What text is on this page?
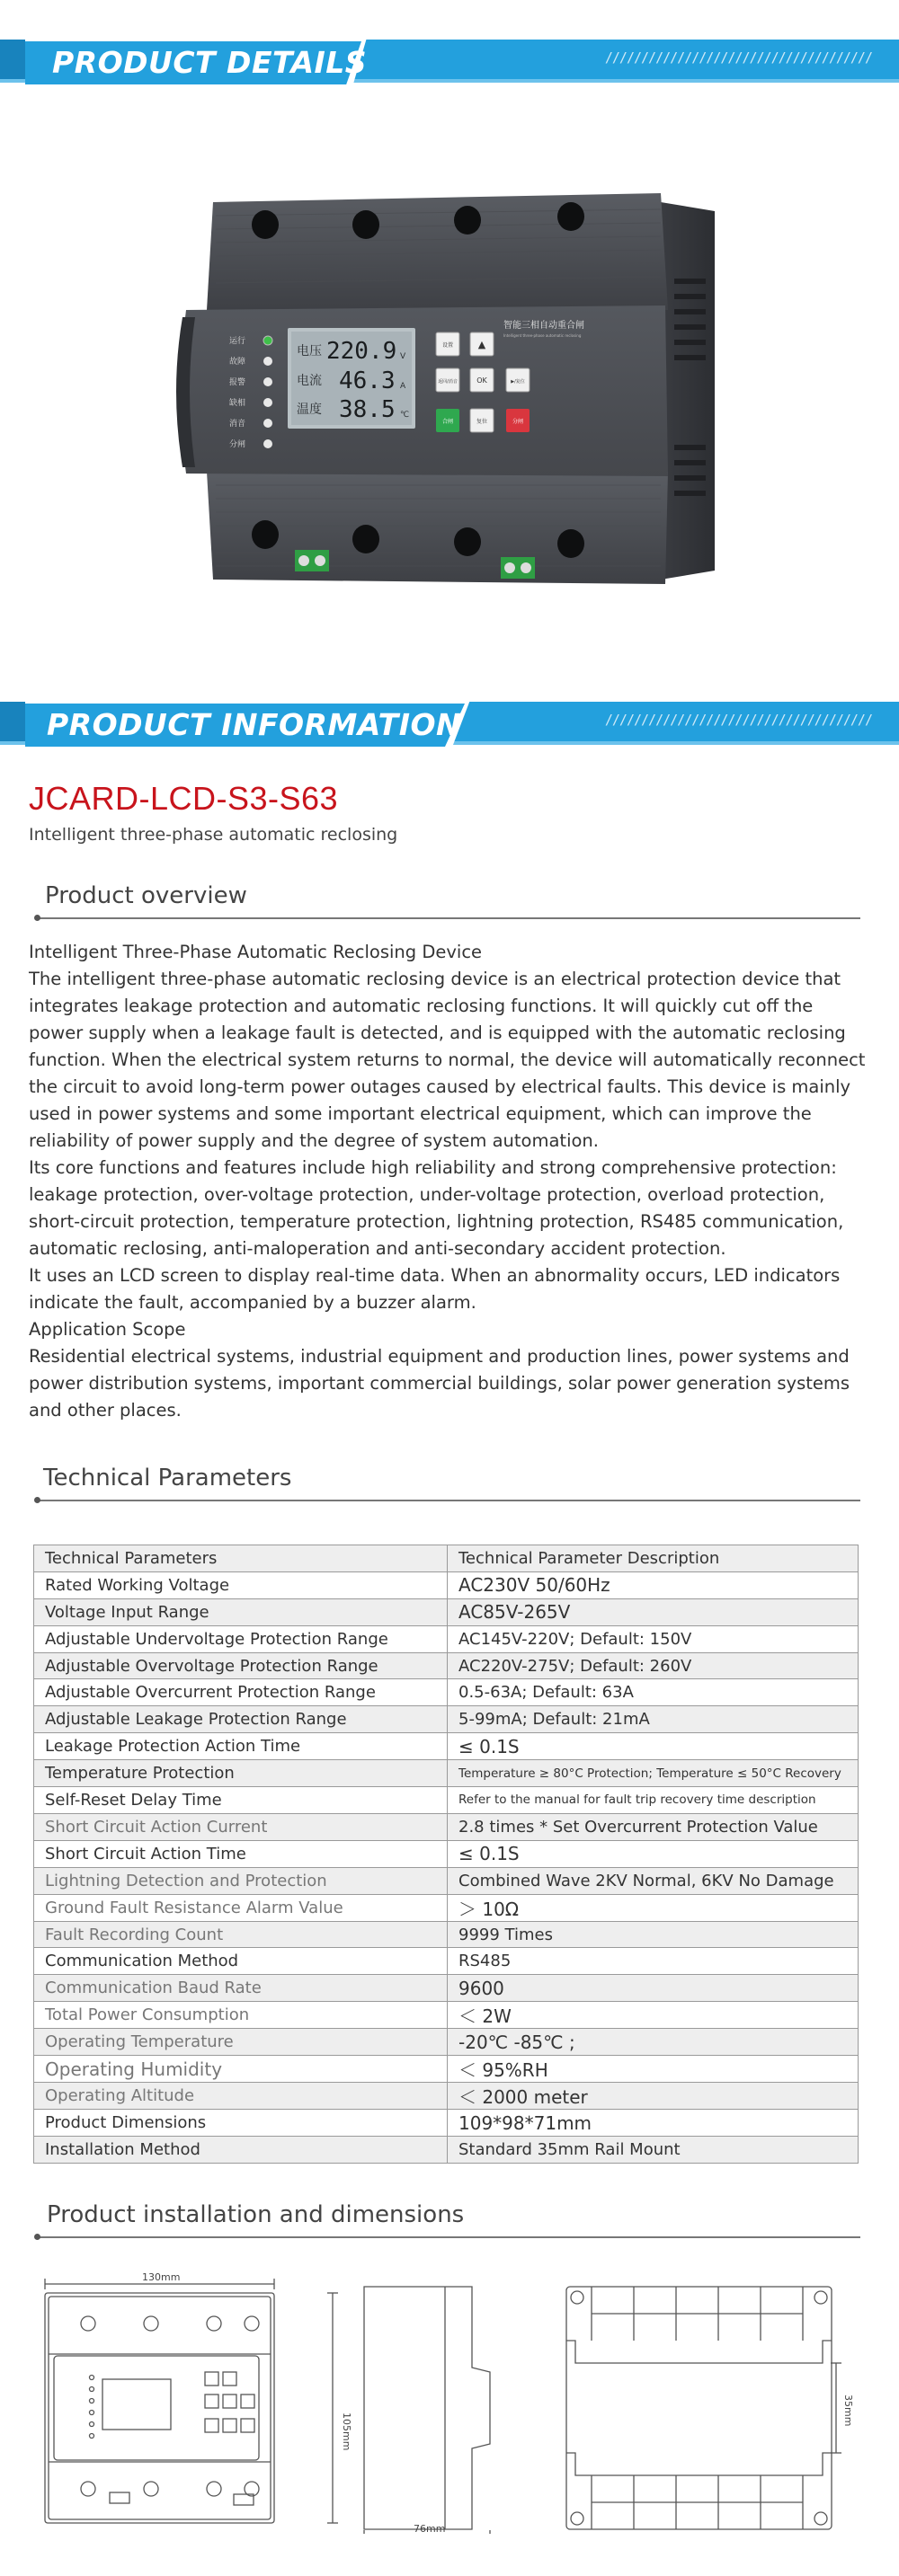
PRODUCT DETAILS	/////////////////////////////////////
运行
故障
报警
缺相
消音
分闸
电压
电流
温度
220.9
46.3
38.5
V
A
℃
设置	▲
返回/消音	OK	▶/复位
合闸	复位	分闸
智能三相自动重合闸
Intelligent three-phase automatic reclosing
PRODUCT INFORMATION	/////////////////////////////////////
JCARD-LCD-S3-S63
Intelligent three-phase automatic reclosing
Product overview

Intelligent Three-Phase Automatic Reclosing Device

The intelligent three-phase automatic reclosing device is an electrical protection device that integrates leakage protection and automatic reclosing functions. It will quickly cut off the power supply when a leakage fault is detected, and is equipped with the automatic reclosing function. When the electrical system returns to normal, the device will automatically reconnect the circuit to avoid long-term power outages caused by electrical faults. This device is mainly used in power systems and some important electrical equipment, which can improve the reliability of power supply and the degree of system automation.

Its core functions and features include high reliability and strong comprehensive protection: leakage protection, over-voltage protection, under-voltage protection, overload protection, short-circuit protection, temperature protection, lightning protection, RS485 communication, automatic reclosing, anti-maloperation and anti-secondary accident protection.

It uses an LCD screen to display real-time data. When an abnormality occurs, LED indicators indicate the fault, accompanied by a buzzer alarm.

Application Scope

Residential electrical systems, industrial equipment and production lines, power systems and power distribution systems, important commercial buildings, solar power generation systems and other places.

Technical Parameters
Technical Parameters	Technical Parameter Description
Rated Working Voltage	AC230V 50/60Hz
Voltage Input Range	AC85V-265V
Adjustable Undervoltage Protection Range	AC145V-220V; Default: 150V
Adjustable Overvoltage Protection Range	AC220V-275V; Default: 260V
Adjustable Overcurrent Protection Range	0.5-63A; Default: 63A
Adjustable Leakage Protection Range	5-99mA; Default: 21mA
Leakage Protection Action Time	≤ 0.1S
Temperature Protection	Temperature ≥ 80°C Protection; Temperature ≤ 50°C Recovery
Self-Reset Delay Time	Refer to the manual for fault trip recovery time description
Short Circuit Action Current	2.8 times * Set Overcurrent Protection Value
Short Circuit Action Time	≤ 0.1S
Lightning Detection and Protection	Combined Wave 2KV Normal, 6KV No Damage
Ground Fault Resistance Alarm Value	＞ 10Ω
Fault Recording Count	9999 Times
Communication Method	RS485
Communication Baud Rate	9600
Total Power Consumption	＜ 2W
Operating Temperature	-20℃ -85℃ ;
Operating Humidity	＜ 95%RH
Operating Altitude	＜ 2000 meter
Product Dimensions	109*98*71mm
Installation Method	Standard 35mm Rail Mount
Product installation and dimensions
130mm
105mm
76mm
35mm
